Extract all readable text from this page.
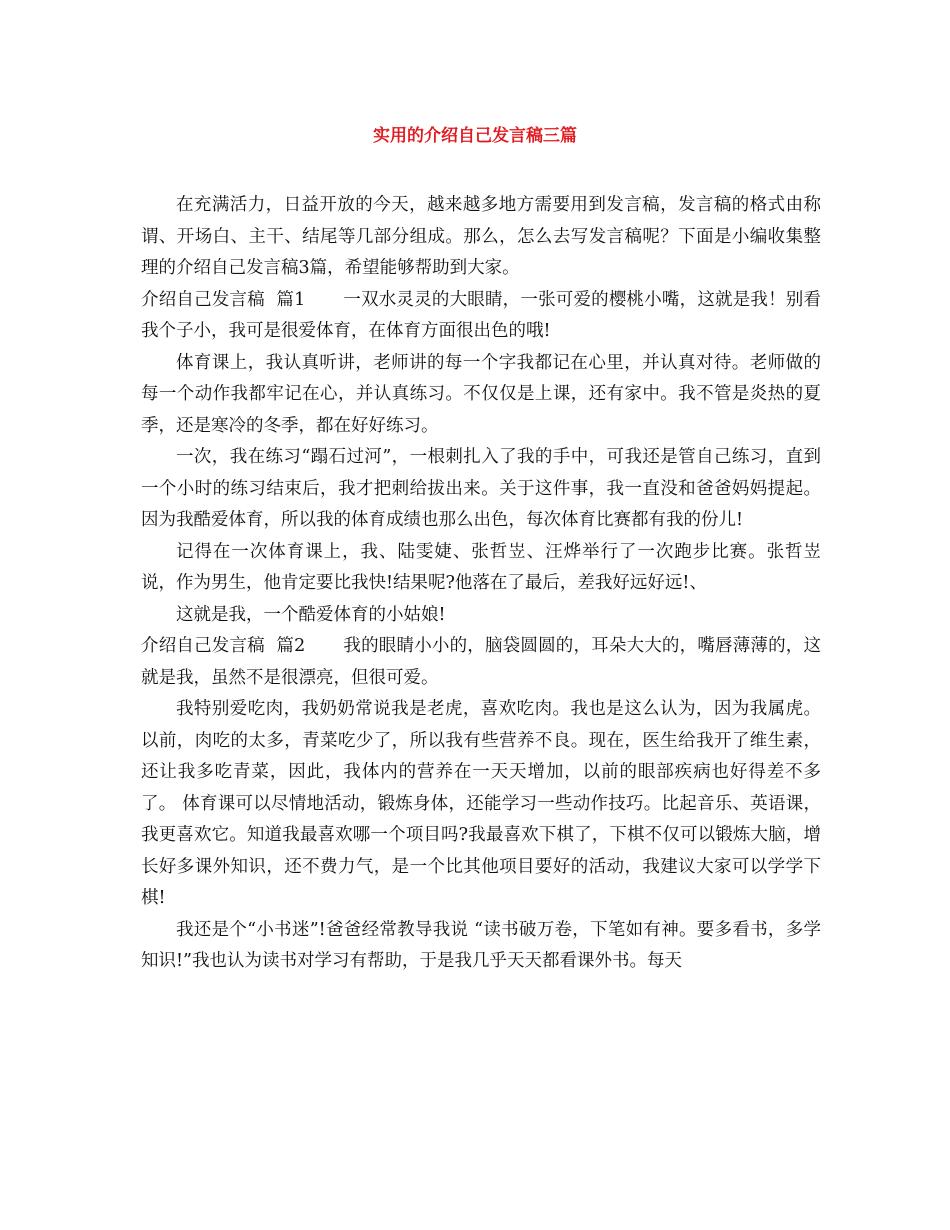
实用的介绍自己发言稿三篇

在充满活力，日益开放的今天，越来越多地方需要用到发言稿，发言稿的格式由称谓、开场白、主干、结尾等几部分组成。那么，怎么去写发言稿呢？下面是小编收集整理的介绍自己发言稿3篇，希望能够帮助到大家。

介绍自己发言稿  篇1 一双水灵灵的大眼睛，一张可爱的樱桃小嘴，这就是我！别看我个子小，我可是很爱体育，在体育方面很出色的哦!

体育课上，我认真听讲，老师讲的每一个字我都记在心里，并认真对待。老师做的每一个动作我都牢记在心，并认真练习。不仅仅是上课，还有家中。我不管是炎热的夏季，还是寒冷的冬季，都在好好练习。

一次，我在练习“蹋石过河”，一根刺扎入了我的手中，可我还是管自己练习，直到一个小时的练习结束后，我才把刺给拔出来。关于这件事，我一直没和爸爸妈妈提起。 因为我酷爱体育，所以我的体育成绩也那么出色，每次体育比赛都有我的份儿!

记得在一次体育课上，我、陆雯婕、张哲岦、汪烨举行了一次跑步比赛。张哲岦说，作为男生，他肯定要比我快!结果呢?他落在了最后，差我好远好远!、

这就是我，一个酷爱体育的小姑娘!

介绍自己发言稿  篇2 我的眼睛小小的，脑袋圆圆的，耳朵大大的，嘴唇薄薄的，这就是我，虽然不是很漂亮，但很可爱。

我特别爱吃肉，我奶奶常说我是老虎，喜欢吃肉。我也是这么认为，因为我属虎。以前，肉吃的太多，青菜吃少了，所以我有些营养不良。现在，医生给我开了维生素，还让我多吃青菜，因此，我体内的营养在一天天增加，以前的眼部疾病也好得差不多了。 体育课可以尽情地活动，锻炼身体，还能学习一些动作技巧。比起音乐、英语课，我更喜欢它。知道我最喜欢哪一个项目吗?我最喜欢下棋了，下棋不仅可以锻炼大脑，增长好多课外知识，还不费力气，是一个比其他项目要好的活动，我建议大家可以学学下棋!

我还是个“小书迷”!爸爸经常教导我说 “读书破万卷，下笔如有神。要多看书，多学知识!”我也认为读书对学习有帮助，于是我几乎天天都看课外书。每天
